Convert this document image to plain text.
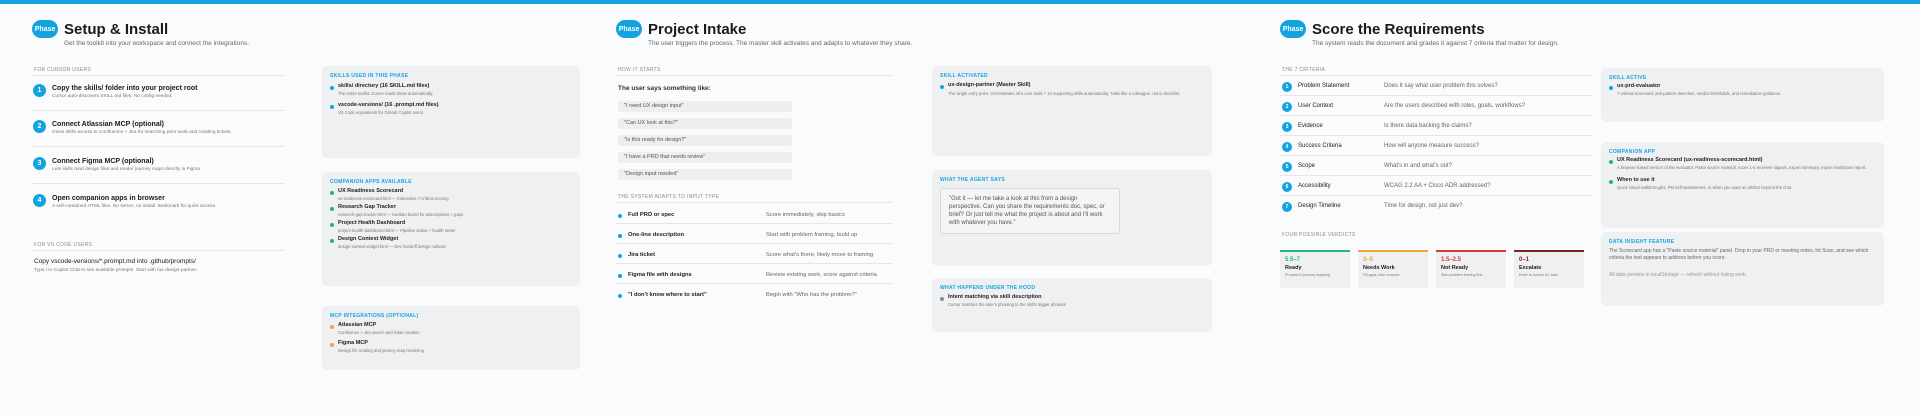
Phase Setup & Install
Get the toolkit into your workspace and connect the integrations.
FOR CURSOR USERS
1	Copy the skills/ folder into your project root
Cursor auto-discovers SKILL.md files. No config needed.
2	Connect Atlassian MCP (optional)
Gives skills access to Confluence + Jira for searching prior work and creating tickets.
3	Connect Figma MCP (optional)
Lets skills read design files and render journey maps directly in Figma.
4	Open companion apps in browser
A self-contained HTML files. No server, no install. Bookmark for quick access.
FOR VS CODE USERS
Copy vscode-versions/*.prompt.md into .github/prompts/
Type / in Copilot Chat to see available prompts. Start with /ux-design-partner.
SKILLS USED IN THIS PHASE
skills/ directory (16 SKILL.md files)
The entire toolkit. Cursor reads these automatically.
vscode-versions/ (16 .prompt.md files)
VS Code equivalents for GitHub Copilot users.
COMPANION APPS AVAILABLE
UX Readiness Scorecard
ux-readiness-scorecard.html — interactive 7-criteria scoring
Research Gap Tracker
research-gap-tracker.html — Kanban board for assumptions > gaps
Project Health Dashboard
project-health-dashboard.html — Pipeline status + health meter
Design Context Widget
design-context-widget.html — Dev handoff design callouts
MCP INTEGRATIONS (OPTIONAL)
Atlassian MCP
Confluence + Jira search and ticket creation
Figma MCP
Design file reading and journey map rendering
Phase Project Intake
The user triggers the process. The master skill activates and adapts to whatever they share.
HOW IT STARTS
The user says something like:
"I need UX design input"
"Can UX look at this?"
"Is this ready for design?"
"I have a PRD that needs review"
"Design input needed"
THE SYSTEM ADAPTS TO INPUT TYPE
Full PRD or spec	Score immediately, skip basics
One-line description	Start with problem framing, build up
Jira ticket	Score what's there, likely move to framing
Figma file with designs	Review existing work, score against criteria
"I don't know where to start"	Begin with "Who has the problem?"
SKILL ACTIVATED
ux-design-partner (Master Skill)
The single entry point. Orchestrates all 5 core tools + 10 supporting skills automatically. Talks like a colleague, not a checklist.
WHAT THE AGENT SAYS
"Got it — let me take a look at this from a design perspective. Can you share the requirements doc, spec, or brief? Or just tell me what the project is about and I'll work with whatever you have."
WHAT HAPPENS UNDER THE HOOD
Intent matching via skill description
Cursor matches the user's phrasing to the skill's trigger phrases
Phase Score the Requirements
The system reads the document and grades it against 7 criteria that matter for design.
THE 7 CRITERIA
1	Problem Statement	Does it say what user problem this solves?
2	User Context	Are the users described with roles, goals, workflows?
3	Evidence	Is there data backing the claims?
4	Success Criteria	How will anyone measure success?
5	Scope	What's in and what's out?
6	Accessibility	WCAG 2.2 AA + Cisco ADR addressed?
7	Design Timeline	Time for design, not just dev?
FOUR POSSIBLE VERDICTS
5.5–7
Ready
Proceed to journey mapping
3–5
Needs Work
Fill gaps, then re-score
1.5–2.5
Not Ready
Start problem framing first
0–1
Escalate
Refer to human UX lead
SKILL ACTIVE
ux-prd-evaluator
7-criteria scorecard, anti-pattern detection, verdict thresholds, and remediation guidance.
COMPANION APP
UX Readiness Scorecard (ux-readiness-scorecard.html)
A browser-based version of the evaluator. Paste source material, score 1-5 reviewer signals, export summary, export markdown report.
When to use it
Quick visual walkthroughs, PM self-assessment, or when you want an artifact beyond the chat.
DATA INSIGHT FEATURE
The Scorecard app has a "Paste source material" panel. Drop in your PRD or meeting notes, hit Scan, and see which criteria the text appears to address before you score.
All data persists in localStorage — refresh without losing work.
